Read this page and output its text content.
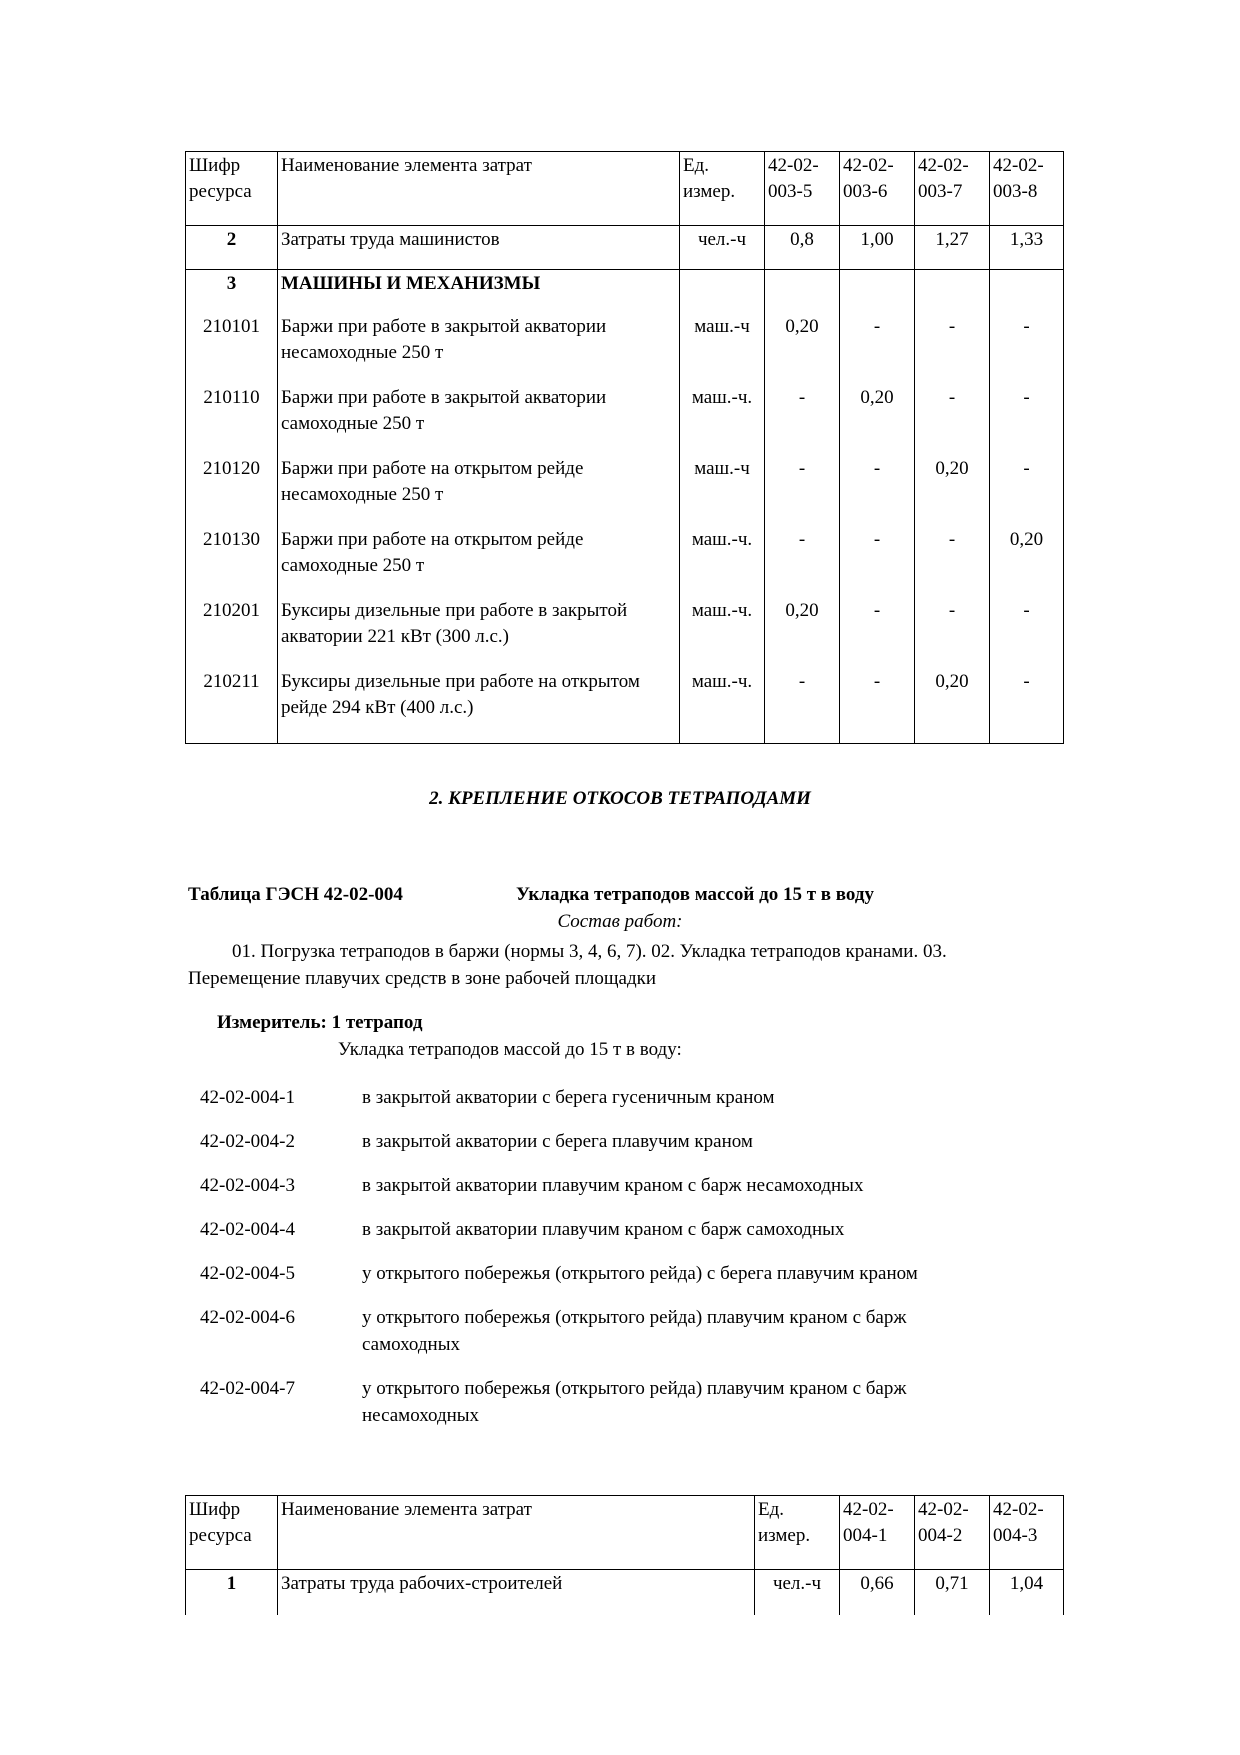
Шифр ресурса	Наименование элемента затрат	Ед. измер.	42-02-003-5	42-02-003-6	42-02-003-7	42-02-003-8
2	Затраты труда машинистов	чел.-ч	0,8	1,00	1,27	1,33
3	МАШИНЫ И МЕХАНИЗМЫ					
210101	Баржи при работе в закрытой акватории несамоходные 250 т	маш.-ч	0,20	-	-	-
210110	Баржи при работе в закрытой акватории самоходные 250 т	маш.-ч.	-	0,20	-	-
210120	Баржи при работе на открытом рейде несамоходные 250 т	маш.-ч	-	-	0,20	-
210130	Баржи при работе на открытом рейде самоходные 250 т	маш.-ч.	-	-	-	0,20
210201	Буксиры дизельные при работе в закрытой акватории 221 кВт (300 л.с.)	маш.-ч.	0,20	-	-	-
210211	Буксиры дизельные при работе на открытом рейде 294 кВт (400 л.с.)	маш.-ч.	-	-	0,20	-
2. КРЕПЛЕНИЕ ОТКОСОВ ТЕТРАПОДАМИ
Таблица ГЭСН 42-02-004	Укладка тетраподов массой до 15 т в воду
Состав работ:
01. Погрузка тетраподов в баржи (нормы 3, 4, 6, 7). 02. Укладка тетраподов кранами. 03. Перемещение плавучих средств в зоне рабочей площадки
Измеритель: 1 тетрапод
Укладка тетраподов массой до 15 т в воду:
42-02-004-1	в закрытой акватории с берега гусеничным краном
42-02-004-2	в закрытой акватории с берега плавучим краном
42-02-004-3	в закрытой акватории плавучим краном с барж несамоходных
42-02-004-4	в закрытой акватории плавучим краном с барж самоходных
42-02-004-5	у открытого побережья (открытого рейда) с берега плавучим краном
42-02-004-6	у открытого побережья (открытого рейда) плавучим краном с барж самоходных
42-02-004-7	у открытого побережья (открытого рейда) плавучим краном с барж несамоходных
Шифр ресурса	Наименование элемента затрат	Ед. измер.	42-02-004-1	42-02-004-2	42-02-004-3
1	Затраты труда рабочих-строителей	чел.-ч	0,66	0,71	1,04
